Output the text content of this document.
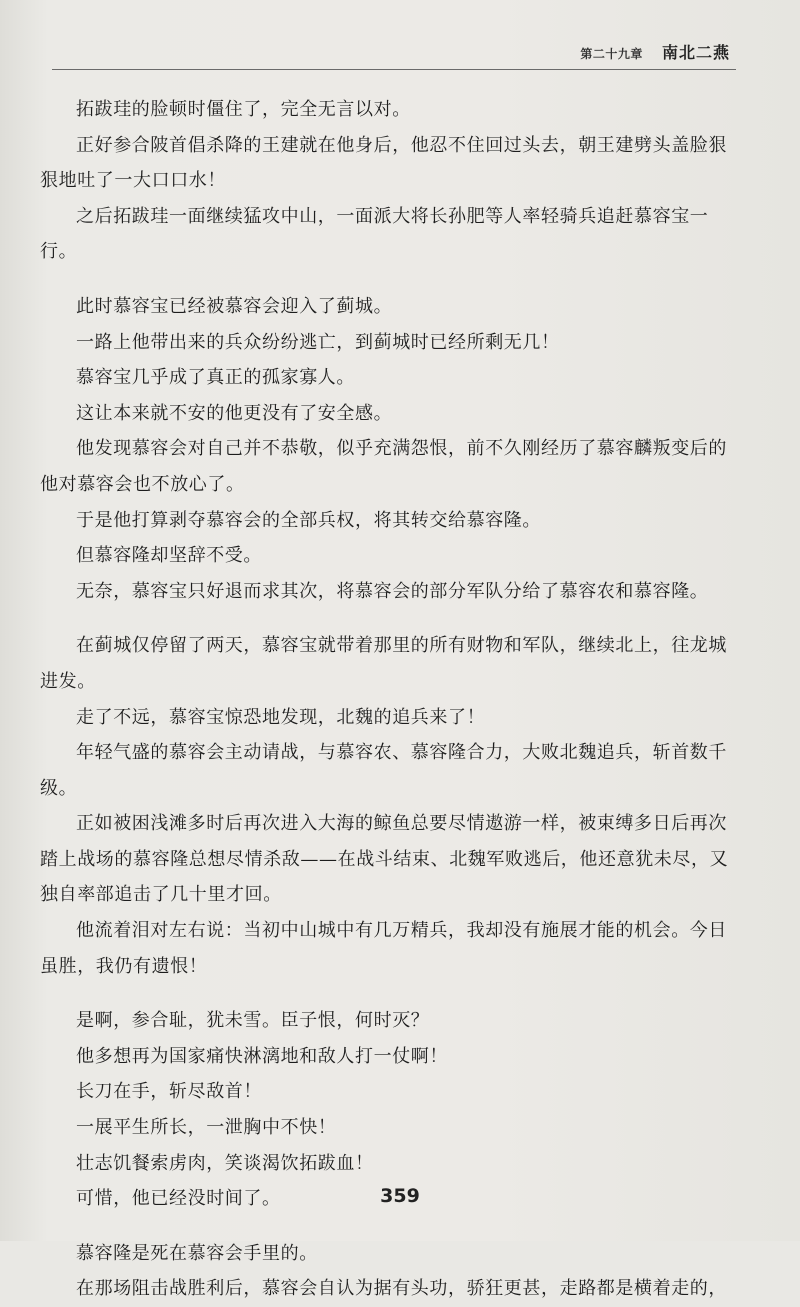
第二十九章 南北二燕

拓跋珪的脸顿时僵住了，完全无言以对。

正好参合陂首倡杀降的王建就在他身后，他忍不住回过头去，朝王建劈头盖脸狠狠地吐了一大口口水！

之后拓跋珪一面继续猛攻中山，一面派大将长孙肥等人率轻骑兵追赶慕容宝一行。

此时慕容宝已经被慕容会迎入了蓟城。

一路上他带出来的兵众纷纷逃亡，到蓟城时已经所剩无几！

慕容宝几乎成了真正的孤家寡人。

这让本来就不安的他更没有了安全感。

他发现慕容会对自己并不恭敬，似乎充满怨恨，前不久刚经历了慕容麟叛变后的他对慕容会也不放心了。

于是他打算剥夺慕容会的全部兵权，将其转交给慕容隆。

但慕容隆却坚辞不受。

无奈，慕容宝只好退而求其次，将慕容会的部分军队分给了慕容农和慕容隆。

在蓟城仅停留了两天，慕容宝就带着那里的所有财物和军队，继续北上，往龙城进发。

走了不远，慕容宝惊恐地发现，北魏的追兵来了！

年轻气盛的慕容会主动请战，与慕容农、慕容隆合力，大败北魏追兵，斩首数千级。

正如被困浅滩多时后再次进入大海的鲸鱼总要尽情遨游一样，被束缚多日后再次踏上战场的慕容隆总想尽情杀敌——在战斗结束、北魏军败逃后，他还意犹未尽，又独自率部追击了几十里才回。

他流着泪对左右说：当初中山城中有几万精兵，我却没有施展才能的机会。今日虽胜，我仍有遗恨！

是啊，参合耻，犹未雪。臣子恨，何时灭？

他多想再为国家痛快淋漓地和敌人打一仗啊！

长刀在手，斩尽敌首！

一展平生所长，一泄胸中不快！

壮志饥餐索虏肉，笑谈渴饮拓跋血！

可惜，他已经没时间了。

慕容隆是死在慕容会手里的。

在那场阻击战胜利后，慕容会自认为据有头功，骄狂更甚，走路都是横着走的，

359
